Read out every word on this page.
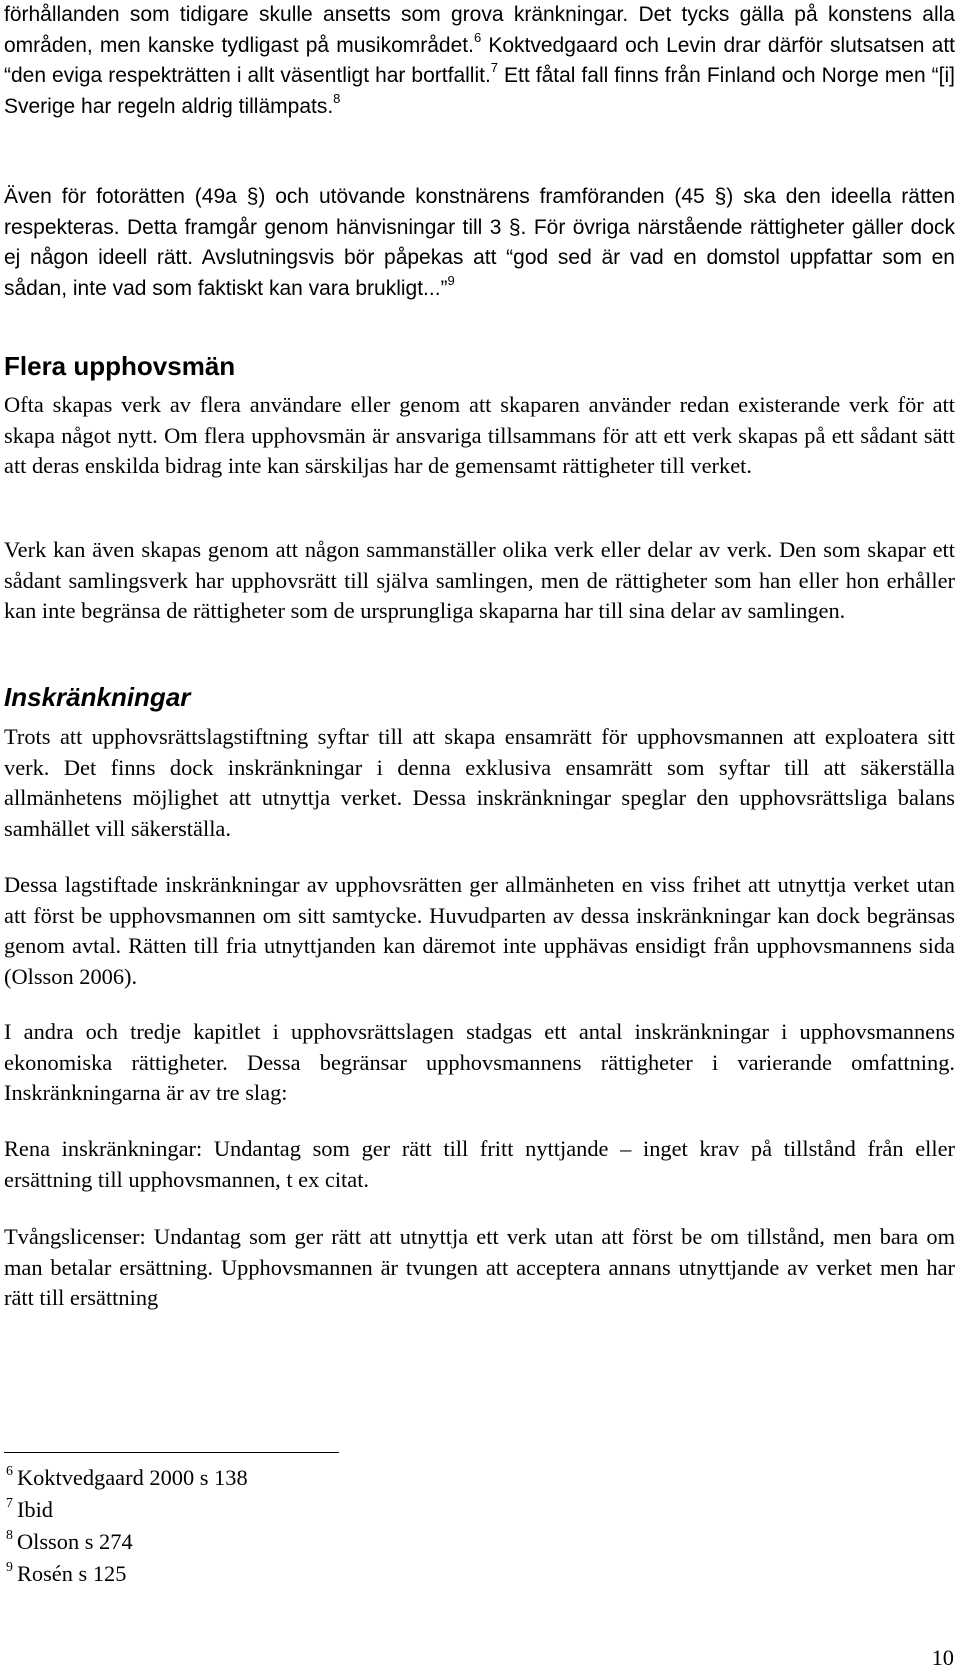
förhållanden som tidigare skulle ansetts som grova kränkningar. Det tycks gälla på konstens alla områden, men kanske tydligast på musikområdet.$^6$ Koktvedgaard och Levin drar därför slutsatsen att “den eviga respekträtten i allt väsentligt har bortfallit.$^7$ Ett fåtal fall finns från Finland och Norge men “[i] Sverige har regeln aldrig tillämpats.$^8$

Även för fotorätten (49a §) och utövande konstnärens framföranden (45 §) ska den ideella rätten respekteras. Detta framgår genom hänvisningar till 3 §. För övriga närstående rättigheter gäller dock ej någon ideell rätt. Avslutningsvis bör påpekas att “god sed är vad en domstol uppfattar som en sådan, inte vad som faktiskt kan vara brukligt...”$^9$

Flera upphovsmän

Ofta skapas verk av flera användare eller genom att skaparen använder redan existerande verk för att skapa något nytt. Om flera upphovsmän är ansvariga tillsammans för att ett verk skapas på ett sådant sätt att deras enskilda bidrag inte kan särskiljas har de gemensamt rättigheter till verket.

Verk kan även skapas genom att någon sammanställer olika verk eller delar av verk. Den som skapar ett sådant samlingsverk har upphovsrätt till själva samlingen, men de rättigheter som han eller hon erhåller kan inte begränsa de rättigheter som de ursprungliga skaparna har till sina delar av samlingen.

Inskränkningar

Trots att upphovsrättslagstiftning syftar till att skapa ensamrätt för upphovsmannen att exploatera sitt verk. Det finns dock inskränkningar i denna exklusiva ensamrätt som syftar till att säkerställa allmänhetens möjlighet att utnyttja verket. Dessa inskränkningar speglar den upphovsrättsliga balans samhället vill säkerställa.

Dessa lagstiftade inskränkningar av upphovsrätten ger allmänheten en viss frihet att utnyttja verket utan att först be upphovsmannen om sitt samtycke. Huvudparten av dessa inskränkningar kan dock begränsas genom avtal. Rätten till fria utnyttjanden kan däremot inte upphävas ensidigt från upphovsmannens sida (Olsson 2006).

I andra och tredje kapitlet i upphovsrättslagen stadgas ett antal inskränkningar i upphovsmannens ekonomiska rättigheter. Dessa begränsar upphovsmannens rättigheter i varierande omfattning. Inskränkningarna är av tre slag:

Rena inskränkningar: Undantag som ger rätt till fritt nyttjande – inget krav på tillstånd från eller ersättning till upphovsmannen, t ex citat.

Tvångslicenser: Undantag som ger rätt att utnyttja ett verk utan att först be om tillstånd, men bara om man betalar ersättning. Upphovsmannen är tvungen att acceptera annans utnyttjande av verket men har rätt till ersättning

$^6$ Koktvedgaard 2000 s 138
$^7$ Ibid
$^8$ Olsson s 274
$^9$ Rosén s 125
10
